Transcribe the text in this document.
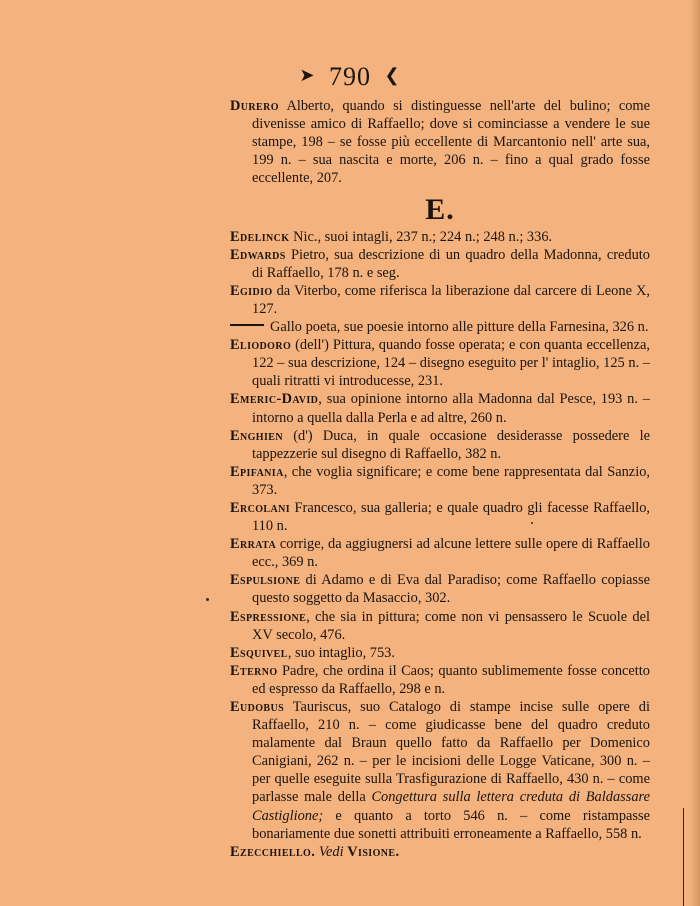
➤ 790 ❮

Durero Alberto, quando si distinguesse nell'arte del bulino; come divenisse amico di Raffaello; dove si cominciasse a vendere le sue stampe, 198 – se fosse più eccellente di Marcantonio nell' arte sua, 199 n. – sua nascita e morte, 206 n. – fino a qual grado fosse eccellente, 207.

E.

Edelinck Nic., suoi intagli, 237 n.; 224 n.; 248 n.; 336.

Edwards Pietro, sua descrizione di un quadro della Madonna, creduto di Raffaello, 178 n. e seg.

Egidio da Viterbo, come riferisca la liberazione dal carcere di Leone X, 127.

Gallo poeta, sue poesie intorno alle pitture della Farnesina, 326 n.

Eliodoro (dell') Pittura, quando fosse operata; e con quanta eccellenza, 122 – sua descrizione, 124 – disegno eseguito per l' intaglio, 125 n. – quali ritratti vi introducesse, 231.

Emeric-David, sua opinione intorno alla Madonna dal Pesce, 193 n. – intorno a quella dalla Perla e ad altre, 260 n.

Enghien (d') Duca, in quale occasione desiderasse possedere le tappezzerie sul disegno di Raffaello, 382 n.

Epifania, che voglia significare; e come bene rappresentata dal Sanzio, 373.

Ercolani Francesco, sua galleria; e quale quadro gli facesse Raffaello, 110 n.

Errata corrige, da aggiugnersi ad alcune lettere sulle opere di Raffaello ecc., 369 n.

Espulsione di Adamo e di Eva dal Paradiso; come Raffaello copiasse questo soggetto da Masaccio, 302.

Espressione, che sia in pittura; come non vi pensassero le Scuole del XV secolo, 476.

Esquivel, suo intaglio, 753.

Eterno Padre, che ordina il Caos; quanto sublimemente fosse concetto ed espresso da Raffaello, 298 e n.

Eudobus Tauriscus, suo Catalogo di stampe incise sulle opere di Raffaello, 210 n. – come giudicasse bene del quadro creduto malamente dal Braun quello fatto da Raffaello per Domenico Canigiani, 262 n. – per le incisioni delle Logge Vaticane, 300 n. – per quelle eseguite sulla Trasfigurazione di Raffaello, 430 n. – come parlasse male della Congettura sulla lettera creduta di Baldassare Castiglione; e quanto a torto 546 n. – come ristampasse bonariamente due sonetti attribuiti erroneamente a Raffaello, 558 n.

Ezecchiello. Vedi Visione.
